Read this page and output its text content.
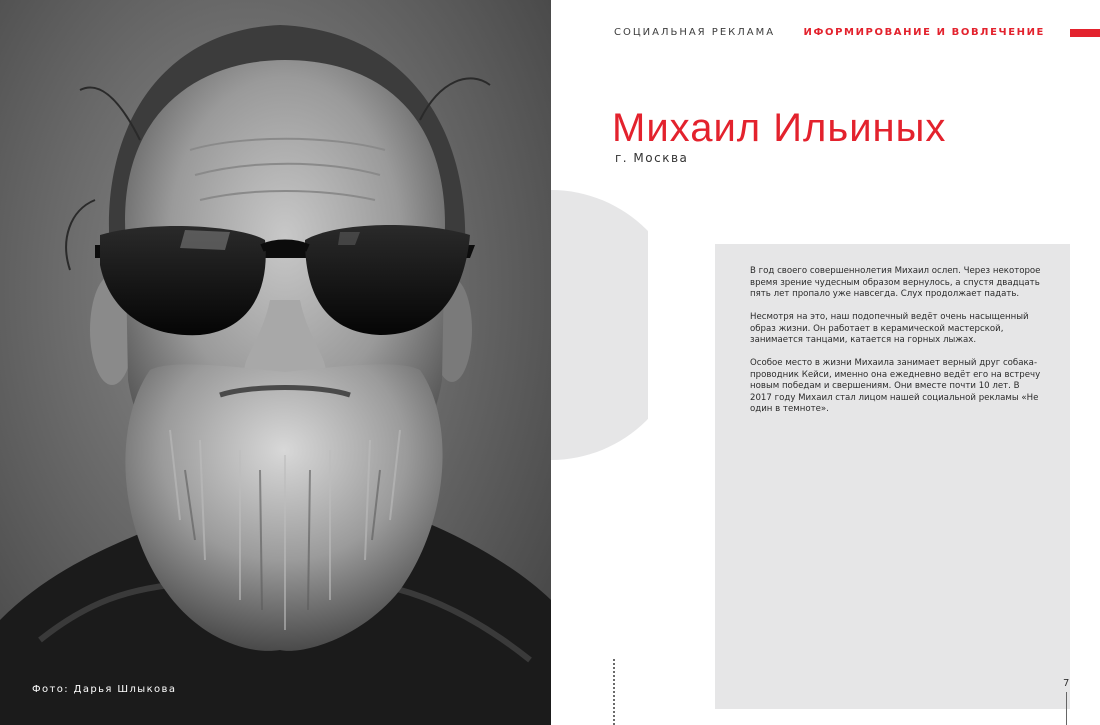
Фото: Дарья Шлыкова
СОЦИАЛЬНАЯ РЕКЛАМА	ИФОРМИРОВАНИЕ И ВОВЛЕЧЕНИЕ
Михаил Ильиных
г. Москва

В год своего совершеннолетия Михаил ослеп. Через некоторое время зрение чудесным образом вернулось, а спустя двадцать пять лет пропало уже навсегда. Слух продолжает падать.

Несмотря на это, наш подопечный ведёт очень насыщенный образ жизни. Он работает в керамической мастерской, занимается танцами, катается на горных лыжах.

Особое место в жизни Михаила занимает верный друг собака-проводник Кейси, именно она ежедневно ведёт его на встречу новым победам и свершениям. Они вместе почти 10 лет. В 2017 году Михаил стал лицом нашей социальной рекламы «Не один в темноте».

7
